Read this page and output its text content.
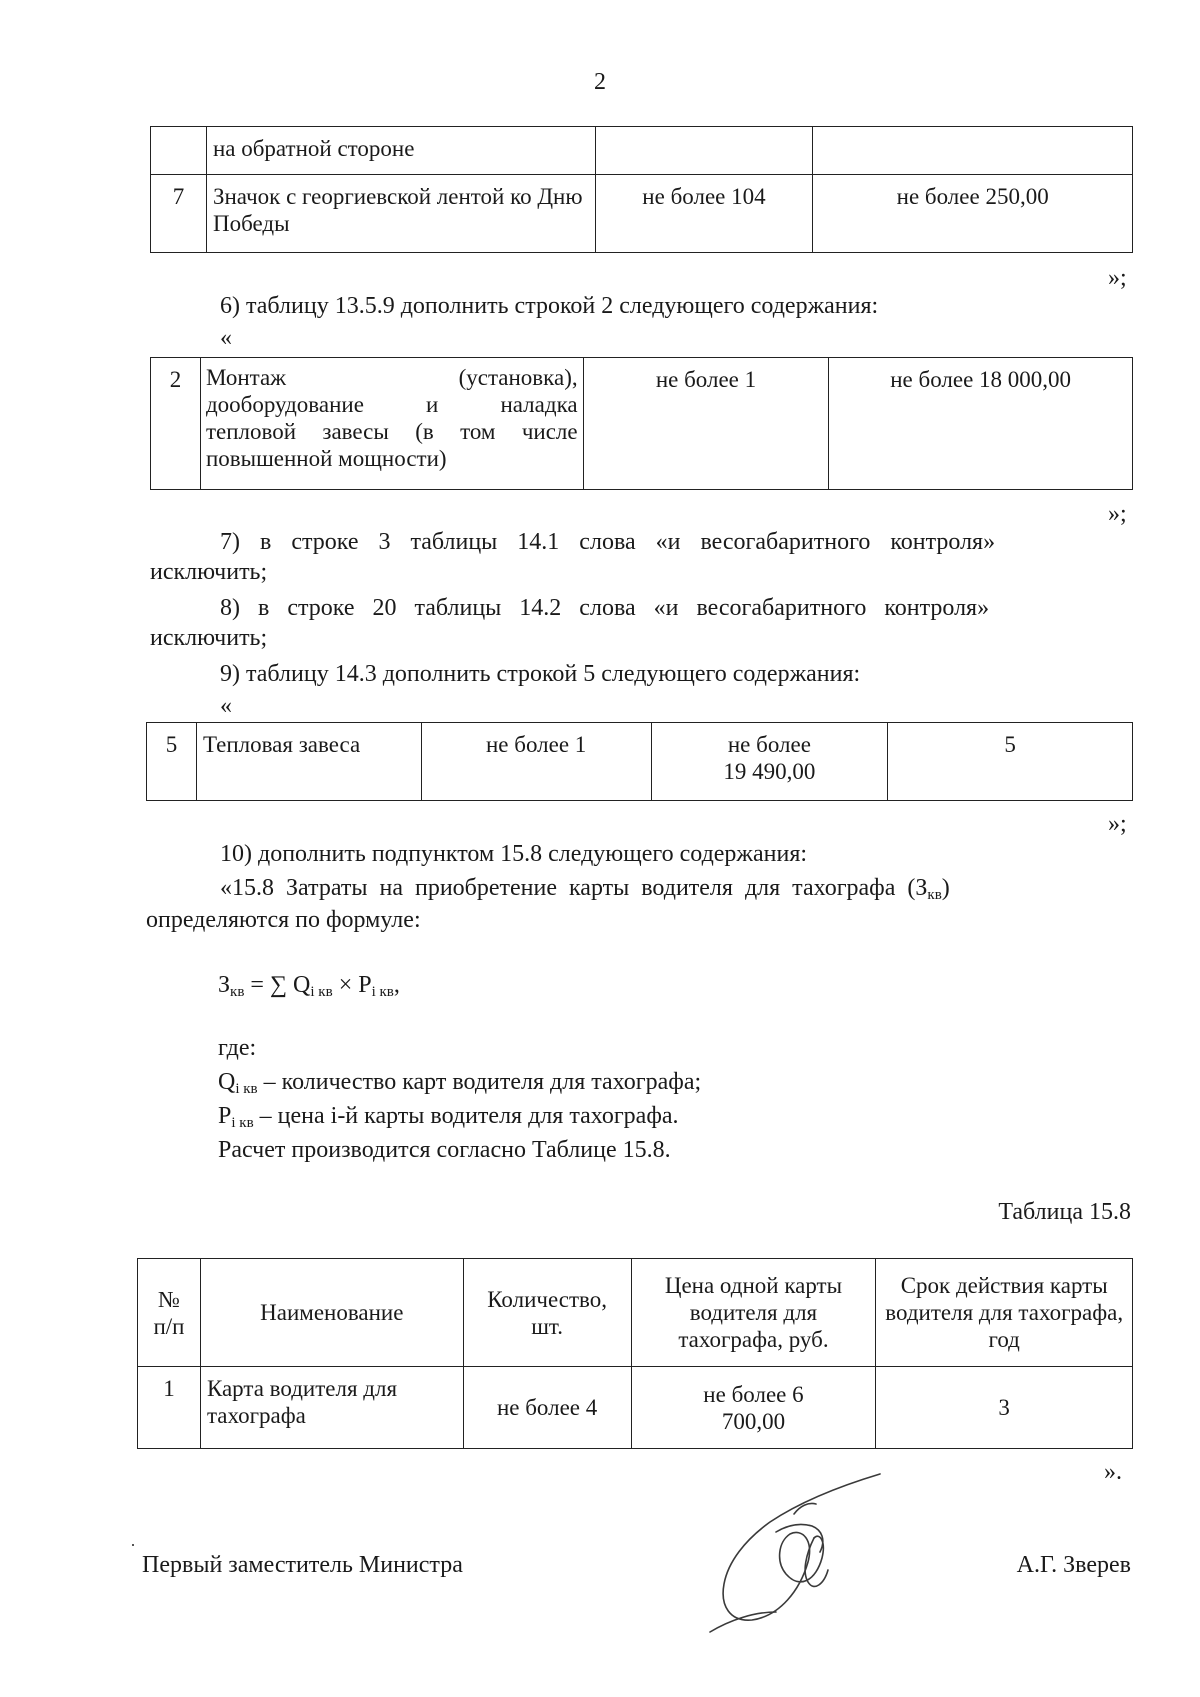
2
	на обратной стороне		
7	Значок с георгиевской лентой ко Дню Победы	не более 104	не более 250,00
»;
6) таблицу 13.5.9 дополнить строкой 2 следующего содержания:
«
2	Монтаж (установка),
дооборудование и наладка
тепловой завесы (в том числе
повышенной мощности)
	не более 1	не более 18 000,00
»;
7) в строке 3 таблицы 14.1 слова «и весогабаритного контроля»
исключить;
8) в строке 20 таблицы 14.2 слова «и весогабаритного контроля»
исключить;
9) таблицу 14.3 дополнить строкой 5 следующего содержания:
«
5	Тепловая завеса	не более 1	не более
19 490,00
	5
»;
10) дополнить подпунктом 15.8 следующего содержания:
«15.8 Затраты на приобретение карты водителя для тахографа $(З_{кв})$
определяются по формуле:
$З_{кв}$ = ∑ $Q_{i кв} \times P_{i кв}$,
где:
$Q_{i кв}$ – количество карт водителя для тахографа;
$P_{i кв}$ – цена i-й карты водителя для тахографа.
Расчет производится согласно Таблице 15.8.
Таблица 15.8
№ п/п	Наименование	Количество, шт.	Цена одной карты водителя для тахографа, руб.	Срок действия карты водителя для тахографа, год
1	Карта водителя для тахографа	не более 4	не более 6 700,00	3
».
Первый заместитель Министра	А.Г. Зверев
